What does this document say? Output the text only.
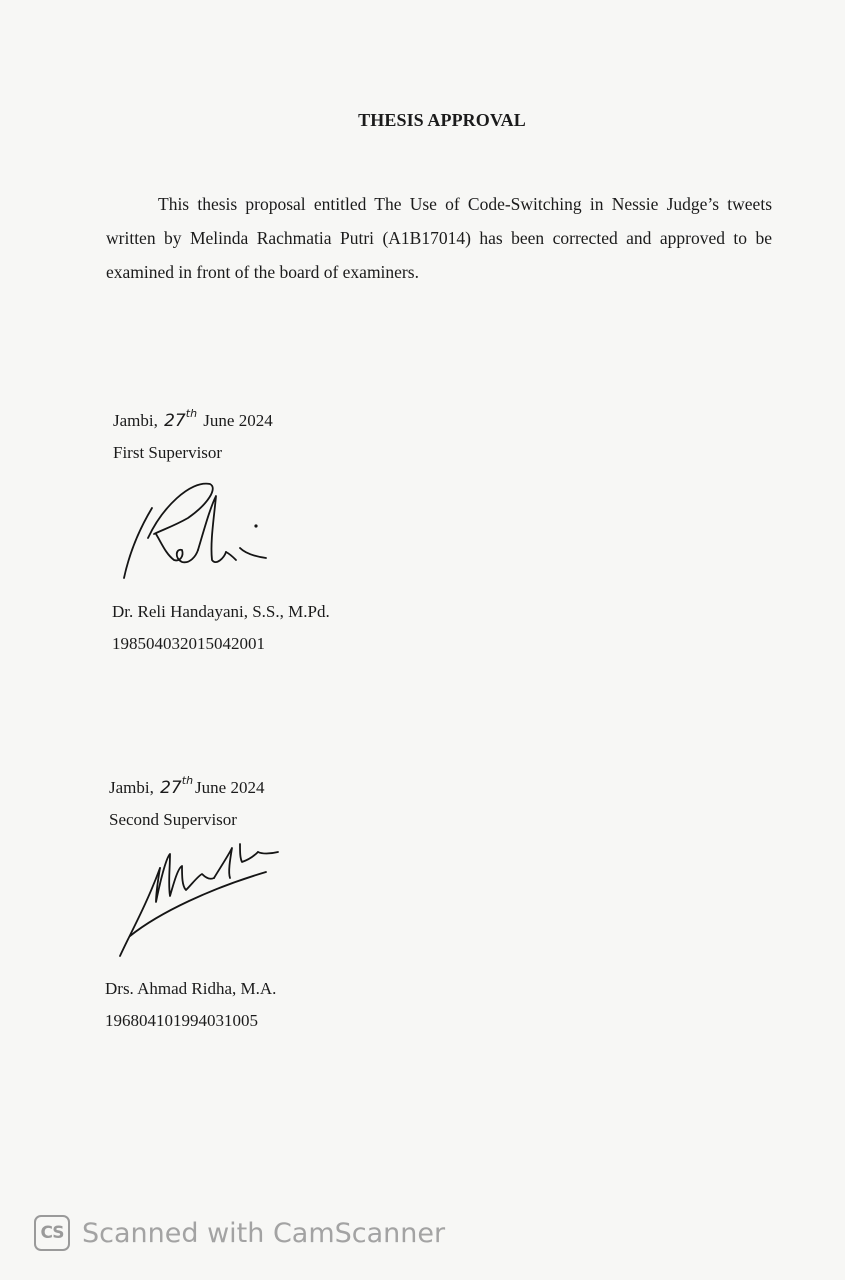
THESIS APPROVAL

This thesis proposal entitled The Use of Code-Switching in Nessie Judge’s tweets written by Melinda Rachmatia Putri (A1B17014) has been corrected and approved to be examined in front of the board of examiners.

Jambi, 27th June 2024
First Supervisor
Dr. Reli Handayani, S.S., M.Pd.
198504032015042001
Jambi, 27th June 2024
Second Supervisor
Drs. Ahmad Ridha, M.A.
196804101994031005
CS Scanned with CamScanner
